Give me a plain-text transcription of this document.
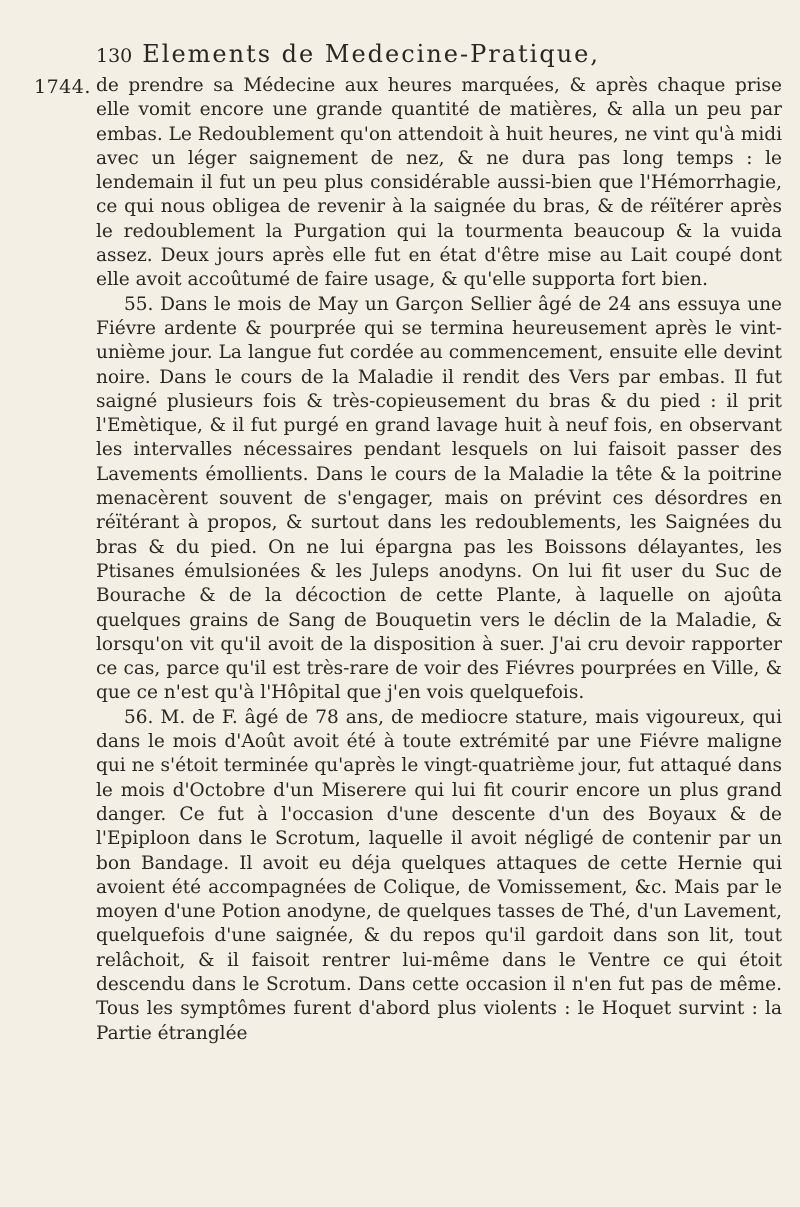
1744.
130 Elements de Medecine-Pratique,

de prendre sa Médecine aux heures marquées, & après chaque prise elle vomit encore une grande quantité de matières, & alla un peu par embas. Le Redoublement qu'on attendoit à huit heures, ne vint qu'à midi avec un léger saignement de nez, & ne dura pas long temps : le lendemain il fut un peu plus considérable aussi-bien que l'Hémorrhagie, ce qui nous obligea de revenir à la saignée du bras, & de réïtérer après le redoublement la Purgation qui la tourmenta beaucoup & la vuida assez. Deux jours après elle fut en état d'être mise au Lait coupé dont elle avoit accoûtumé de faire usage, & qu'elle supporta fort bien.

55. Dans le mois de May un Garçon Sellier âgé de 24 ans essuya une Fiévre ardente & pourprée qui se termina heureusement après le vint-unième jour. La langue fut cordée au commencement, ensuite elle devint noire. Dans le cours de la Maladie il rendit des Vers par embas. Il fut saigné plusieurs fois & très-copieusement du bras & du pied : il prit l'Emètique, & il fut purgé en grand lavage huit à neuf fois, en observant les intervalles nécessaires pendant lesquels on lui faisoit passer des Lavements émollients. Dans le cours de la Maladie la tête & la poitrine menacèrent souvent de s'engager, mais on prévint ces désordres en réïtérant à propos, & surtout dans les redoublements, les Saignées du bras & du pied. On ne lui épargna pas les Boissons délayantes, les Ptisanes émulsionées & les Juleps anodyns. On lui fit user du Suc de Bourache & de la décoction de cette Plante, à laquelle on ajoûta quelques grains de Sang de Bouquetin vers le déclin de la Maladie, & lorsqu'on vit qu'il avoit de la disposition à suer. J'ai cru devoir rapporter ce cas, parce qu'il est très-rare de voir des Fiévres pourprées en Ville, & que ce n'est qu'à l'Hôpital que j'en vois quelquefois.

56. M. de F. âgé de 78 ans, de mediocre stature, mais vigoureux, qui dans le mois d'Août avoit été à toute extrémité par une Fiévre maligne qui ne s'étoit terminée qu'après le vingt-quatrième jour, fut attaqué dans le mois d'Octobre d'un Miserere qui lui fit courir encore un plus grand danger. Ce fut à l'occasion d'une descente d'un des Boyaux & de l'Epiploon dans le Scrotum, laquelle il avoit négligé de contenir par un bon Bandage. Il avoit eu déja quelques attaques de cette Hernie qui avoient été accompagnées de Colique, de Vomissement, &c. Mais par le moyen d'une Potion anodyne, de quelques tasses de Thé, d'un Lavement, quelquefois d'une saignée, & du repos qu'il gardoit dans son lit, tout relâchoit, & il faisoit rentrer lui-même dans le Ventre ce qui étoit descendu dans le Scrotum. Dans cette occasion il n'en fut pas de même. Tous les symptômes furent d'abord plus violents : le Hoquet survint : la Partie étranglée
